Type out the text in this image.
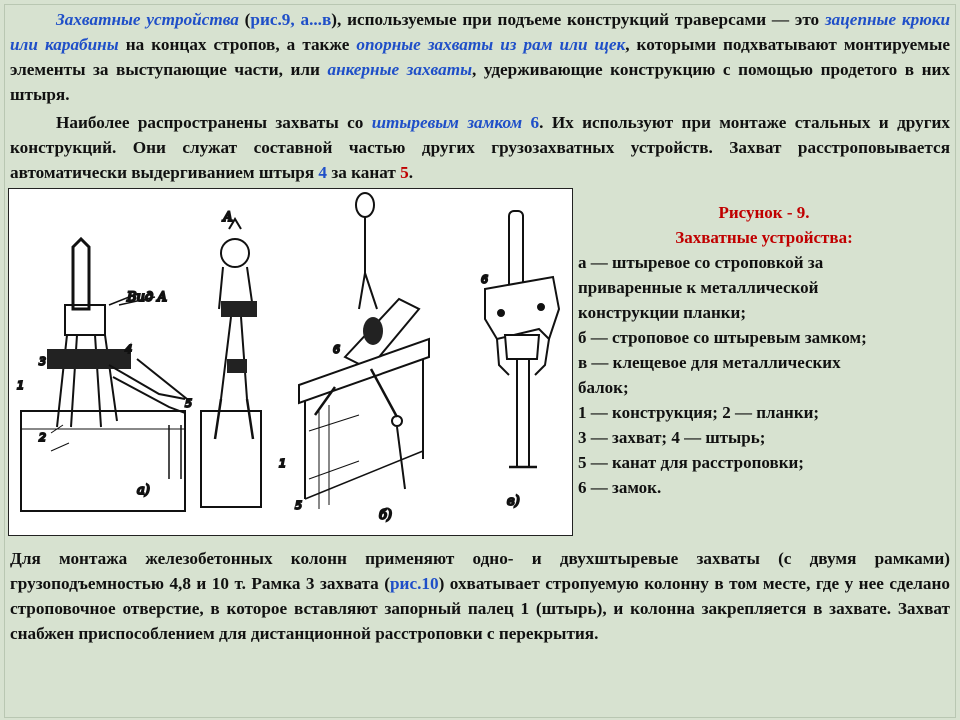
Захватные устройства (рис.9, а...в), используемые при подъеме конструкций траверсами — это зацепные крюки или карабины на концах стропов, а также опорные захваты из рам или щек, которыми подхватывают монтируемые элементы за выступающие части, или анкерные захваты, удерживающие конструкцию с помощью продетого в них штыря.
Наиболее распространены захваты со штыревым замком 6. Их используют при монтаже стальных и других конструкций. Они служат составной частью других грузозахватных устройств. Захват расстроповывается автоматически выдергиванием штыря 4 за канат 5.
Вид А
3
4
1
2
5
а)
А
6
1
5
б)
6
в)
Рисунок - 9.
Захватные устройства:
а — штыревое со строповкой за
приваренные к металлической
конструкции планки;
б — строповое со штыревым замком;
в — клещевое для металлических
балок;
1 — конструкция; 2 — планки;
3 — захват; 4 — штырь;
5 — канат для расстроповки;
6 — замок.
Для монтажа железобетонных колонн применяют одно- и двухштыревые захваты (с двумя рамками) грузоподъемностью 4,8 и 10 т. Рамка 3 захвата (рис.10) охватывает стропуемую колонну в том месте, где у нее сделано строповочное отверстие, в которое вставляют запорный палец 1 (штырь), и колонна закрепляется в захвате. Захват снабжен приспособлением для дистанционной расстроповки с перекрытия.
